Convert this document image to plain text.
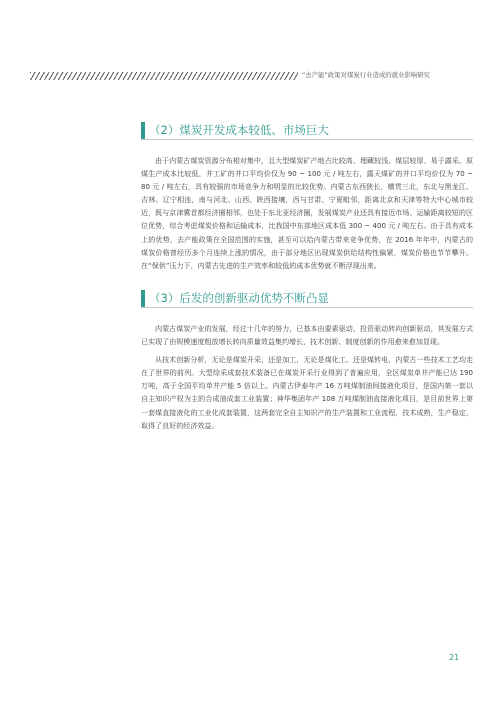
“去产能”政策对煤炭行业造成的就业影响研究
（2）煤炭开发成本较低、市场巨大

由于内蒙古煤炭资源分布相对集中，且大型煤炭矿产地占比较高、埋藏较浅、煤层较厚、易于露采。原煤生产成本比较低，井工矿的井口平均价仅为 90 ~ 100 元 / 吨左右，露天煤矿的井口平均价仅为 70 ~ 80 元 / 吨左右，具有较强的市场竞争力和明显的比较优势。内蒙古东西狭长，横贯三北，东北与黑龙江、吉林、辽宁相连，南与河北、山西、陕西接壤，西与甘肃、宁夏毗邻，距离北京和天津等特大中心城市较近，既与京津冀首都经济圈相邻，也处于东北亚经济圈，发展煤炭产业还具有接近市场、运输距离较短的区位优势，综合考虑煤炭价格和运输成本，比我国中东部地区成本低 300 ~ 400 元 / 吨左右。由于具有成本上的优势，去产能政策在全国范围的实施，甚至可以给内蒙古带来竞争优势，在 2016 年年中，内蒙古的煤炭价格曾经历多个月连续上涨的情况，由于部分地区出现煤炭供给结构性偏紧，煤炭价格也节节攀升。在“保供”压力下，内蒙古先进的生产效率和较低的成本优势就不断浮现出来。

（3）后发的创新驱动优势不断凸显

内蒙古煤炭产业的发展，经过十几年的努力，已基本由要素驱动、投资驱动转向创新驱动，其发展方式已实现了由规模速度粗放增长转向质量效益集约增长，技术创新、制度创新的作用愈来愈加显现。

从技术创新分析，无论是煤炭开采、还是加工，无论是煤化工、还是煤转电，内蒙古一些技术工艺均走在了世界的前列。大型综采成套技术装备已在煤炭开采行业得到了普遍应用，全区煤炭单井产能已达 190 万吨，高于全国平均单井产能 5 倍以上。内蒙古伊泰年产 16 万吨煤制油间接液化项目，是国内第一套以自主知识产权为主的合成油成套工业装置；神华集团年产 108 万吨煤制油直接液化项目，是目前世界上第一套煤直接液化的工业化成套装置，这两套完全自主知识产的生产装置和工业流程，技术成熟，生产稳定，取得了良好的经济效益。

21
